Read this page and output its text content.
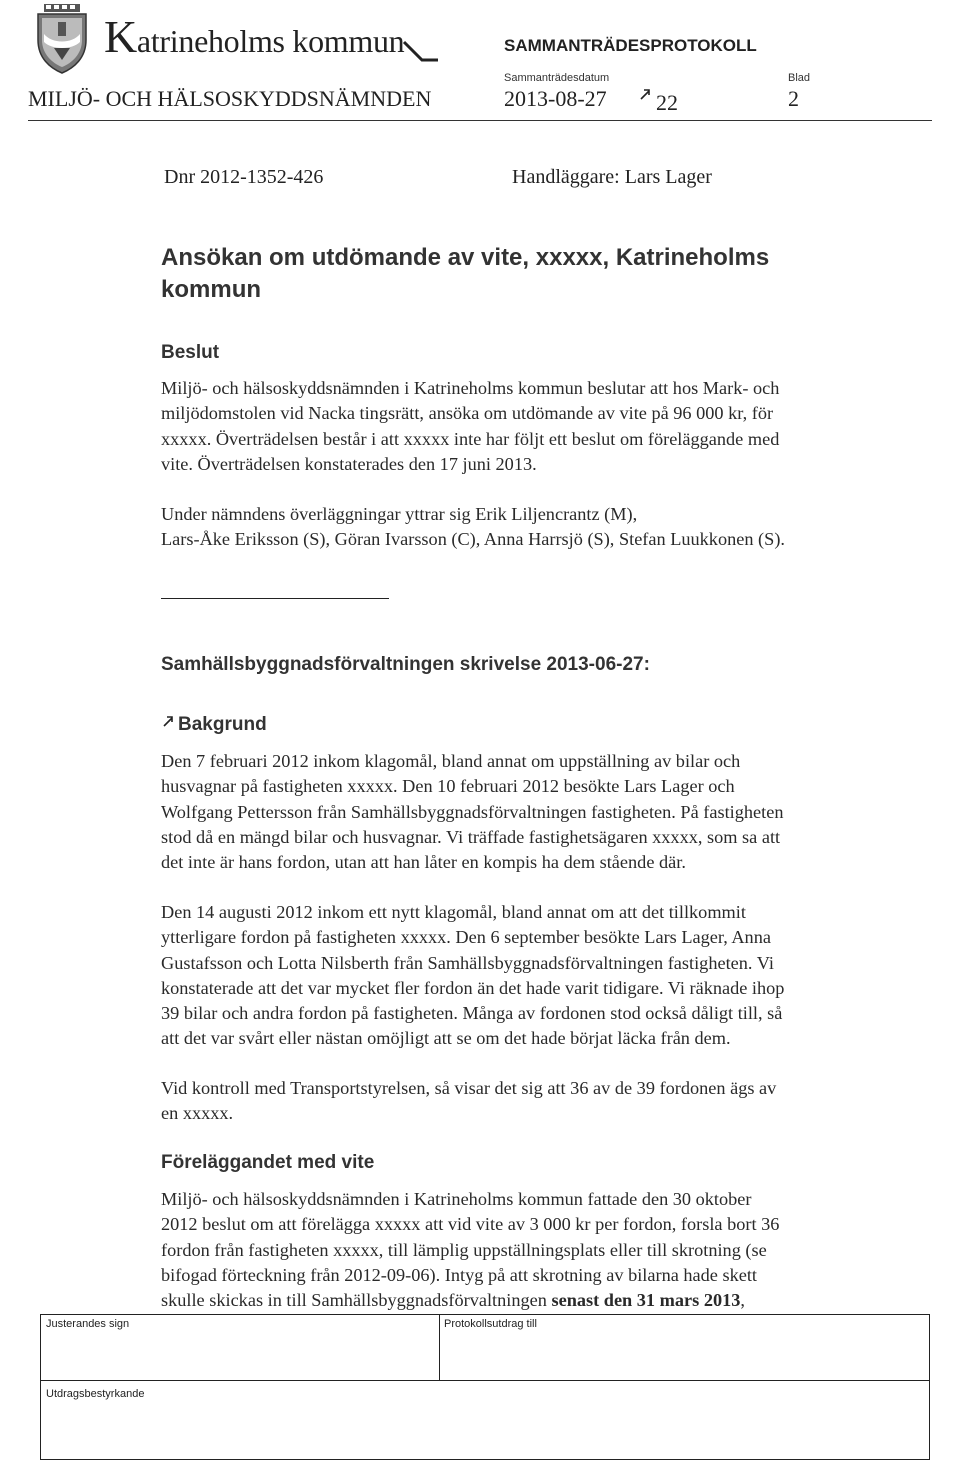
Katrineholms kommun	SAMMANTRÄDESPROTOKOLL
Sammanträdesdatum	Blad
MILJÖ- OCH HÄLSOSKYDDSNÄMNDEN	2013-08-27 22	2
Dnr 2012-1352-426	Handläggare: Lars Lager
Ansökan om utdömande av vite, xxxxx, Katrineholms
kommun
Beslut
Miljö- och hälsoskyddsnämnden i Katrineholms kommun beslutar att hos Mark- och
miljödomstolen vid Nacka tingsrätt, ansöka om utdömande av vite på 96 000 kr, för
xxxxx. Överträdelsen består i att xxxxx inte har följt ett beslut om föreläggande med
vite. Överträdelsen konstaterades den 17 juni 2013.
Under nämndens överläggningar yttrar sig Erik Liljencrantz (M),
Lars-Åke Eriksson (S), Göran Ivarsson (C), Anna Harrsjö (S), Stefan Luukkonen (S).
Samhällsbyggnadsförvaltningen skrivelse 2013-06-27:
Bakgrund
Den 7 februari 2012 inkom klagomål, bland annat om uppställning av bilar och
husvagnar på fastigheten xxxxx. Den 10 februari 2012 besökte Lars Lager och
Wolfgang Pettersson från Samhällsbyggnadsförvaltningen fastigheten. På fastigheten
stod då en mängd bilar och husvagnar. Vi träffade fastighetsägaren xxxxx, som sa att
det inte är hans fordon, utan att han låter en kompis ha dem stående där.
Den 14 augusti 2012 inkom ett nytt klagomål, bland annat om att det tillkommit
ytterligare fordon på fastigheten xxxxx. Den 6 september besökte Lars Lager, Anna
Gustafsson och Lotta Nilsberth från Samhällsbyggnadsförvaltningen fastigheten. Vi
konstaterade att det var mycket fler fordon än det hade varit tidigare. Vi räknade ihop
39 bilar och andra fordon på fastigheten. Många av fordonen stod också dåligt till, så
att det var svårt eller nästan omöjligt att se om det hade börjat läcka från dem.
Vid kontroll med Transportstyrelsen, så visar det sig att 36 av de 39 fordonen ägs av
en xxxxx.
Föreläggandet med vite
Miljö- och hälsoskyddsnämnden i Katrineholms kommun fattade den 30 oktober
2012 beslut om att förelägga xxxxx att vid vite av 3 000 kr per fordon, forsla bort 36
fordon från fastigheten xxxxx, till lämplig uppställningsplats eller till skrotning (se
bifogad förteckning från 2012-09-06). Intyg på att skrotning av bilarna hade skett
skulle skickas in till Samhällsbyggnadsförvaltningen senast den 31 mars 2013,
Justerandes sign	Protokollsutdrag till
Utdragsbestyrkande
